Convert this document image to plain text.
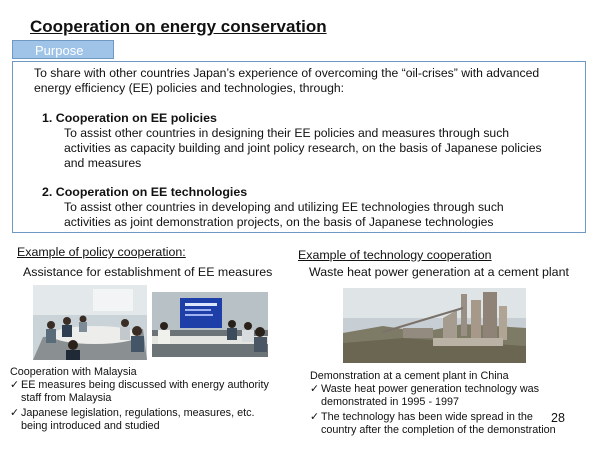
Cooperation on energy conservation
Purpose
To share with other countries Japan’s experience of overcoming the “oil-crises” with advanced
energy efficiency (EE) policies and technologies, through:
1. Cooperation on EE policies
To assist other countries in designing their EE policies and measures through such
activities as capacity building and joint policy research, on the basis of Japanese policies
and measures
2. Cooperation on EE technologies
To assist other countries in developing and utilizing EE technologies through such
activities as joint demonstration projects, on the basis of Japanese technologies
Example of policy cooperation:
Assistance for establishment of EE measures
Cooperation with Malaysia
✓ EE measures being discussed with energy authority
staff from Malaysia
✓ Japanese legislation, regulations, measures, etc.
being introduced and studied
Example of technology cooperation
Waste heat power generation at a cement plant
Demonstration at a cement plant in China
✓ Waste heat power generation technology was
demonstrated in 1995 - 1997
✓ The technology has been wide spread in the
country after the completion of the demonstration
28
